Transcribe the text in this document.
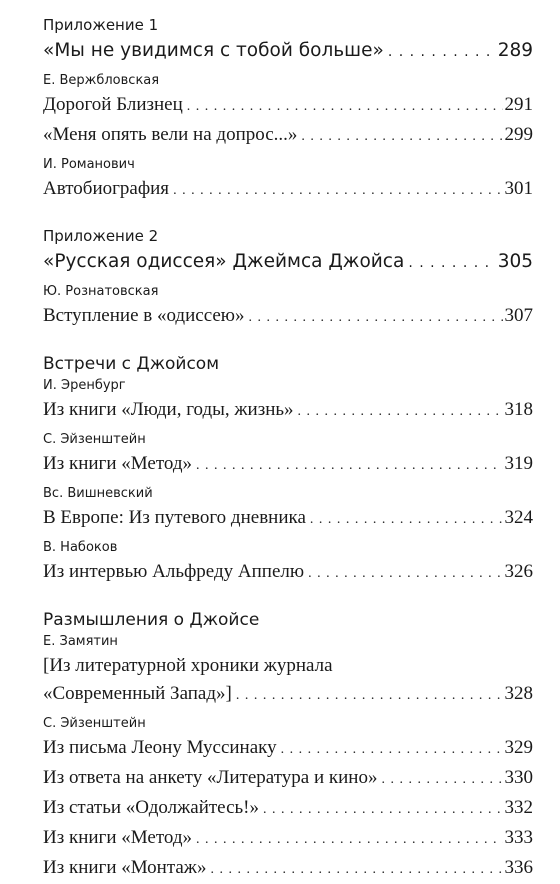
Приложение 1
«Мы не увидимся с тобой больше» . . .	289
Е. Вержбловская
Дорогой Близнец . . .	291
«Меня опять вели на допрос...» . . .	299
И. Романович
Автобиография . . .	301
Приложение 2
«Русская одиссея» Джеймса Джойса . . .	305
Ю. Рознатовская
Вступление в «одиссею» . . .	307
Встречи с Джойсом
И. Эренбург
Из книги «Люди, годы, жизнь» . . .	318
С. Эйзенштейн
Из книги «Метод» . . .	319
Вс. Вишневский
В Европе: Из путевого дневника . . .	324
В. Набоков
Из интервью Альфреду Аппелю . . .	326
Размышления о Джойсе
Е. Замятин
[Из литературной хроники журнала
«Современный Запад»] . . .	328
С. Эйзенштейн
Из письма Леону Муссинаку . . .	329
Из ответа на анкету «Литература и кино» . . .	330
Из статьи «Одолжайтесь!» . . .	332
Из книги «Метод» . . .	333
Из книги «Монтаж» . . .	336
